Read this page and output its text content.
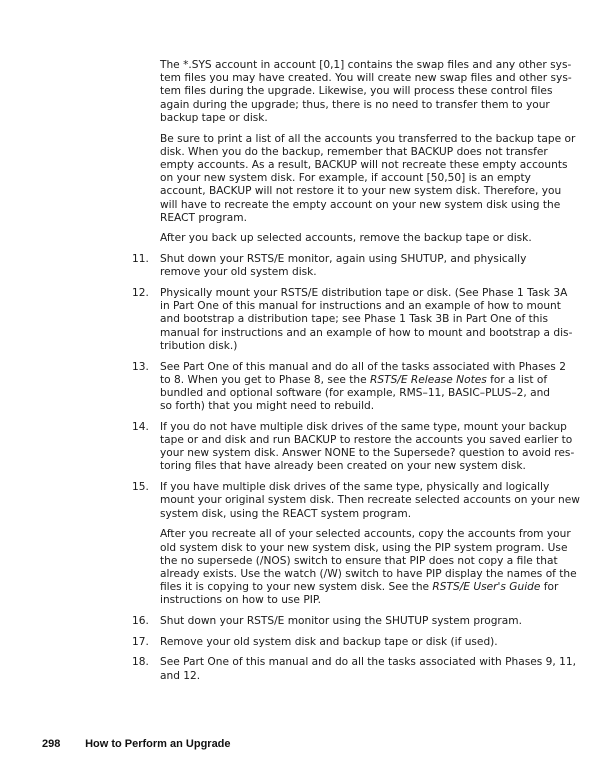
The *.SYS account in account [0,1] contains the swap files and any other sys-
tem files you may have created. You will create new swap files and other sys-
tem files during the upgrade. Likewise, you will process these control files
again during the upgrade; thus, there is no need to transfer them to your
backup tape or disk.
Be sure to print a list of all the accounts you transferred to the backup tape or
disk. When you do the backup, remember that BACKUP does not transfer
empty accounts. As a result, BACKUP will not recreate these empty accounts
on your new system disk. For example, if account [50,50] is an empty
account, BACKUP will not restore it to your new system disk. Therefore, you
will have to recreate the empty account on your new system disk using the
REACT program.
After you back up selected accounts, remove the backup tape or disk.
11. Shut down your RSTS/E monitor, again using SHUTUP, and physically
remove your old system disk.
12. Physically mount your RSTS/E distribution tape or disk. (See Phase 1 Task 3A
in Part One of this manual for instructions and an example of how to mount
and bootstrap a distribution tape; see Phase 1 Task 3B in Part One of this
manual for instructions and an example of how to mount and bootstrap a dis-
tribution disk.)
13. See Part One of this manual and do all of the tasks associated with Phases 2
to 8. When you get to Phase 8, see the RSTS/E Release Notes for a list of
bundled and optional software (for example, RMS–11, BASIC–PLUS–2, and
so forth) that you might need to rebuild.
14. If you do not have multiple disk drives of the same type, mount your backup
tape or and disk and run BACKUP to restore the accounts you saved earlier to
your new system disk. Answer NONE to the Supersede? question to avoid res-
toring files that have already been created on your new system disk.
15. If you have multiple disk drives of the same type, physically and logically
mount your original system disk. Then recreate selected accounts on your new
system disk, using the REACT system program.
After you recreate all of your selected accounts, copy the accounts from your
old system disk to your new system disk, using the PIP system program. Use
the no supersede (/NOS) switch to ensure that PIP does not copy a file that
already exists. Use the watch (/W) switch to have PIP display the names of the
files it is copying to your new system disk. See the RSTS/E User's Guide for
instructions on how to use PIP.
16. Shut down your RSTS/E monitor using the SHUTUP system program.
17. Remove your old system disk and backup tape or disk (if used).
18. See Part One of this manual and do all the tasks associated with Phases 9, 11,
and 12.
298 How to Perform an Upgrade
